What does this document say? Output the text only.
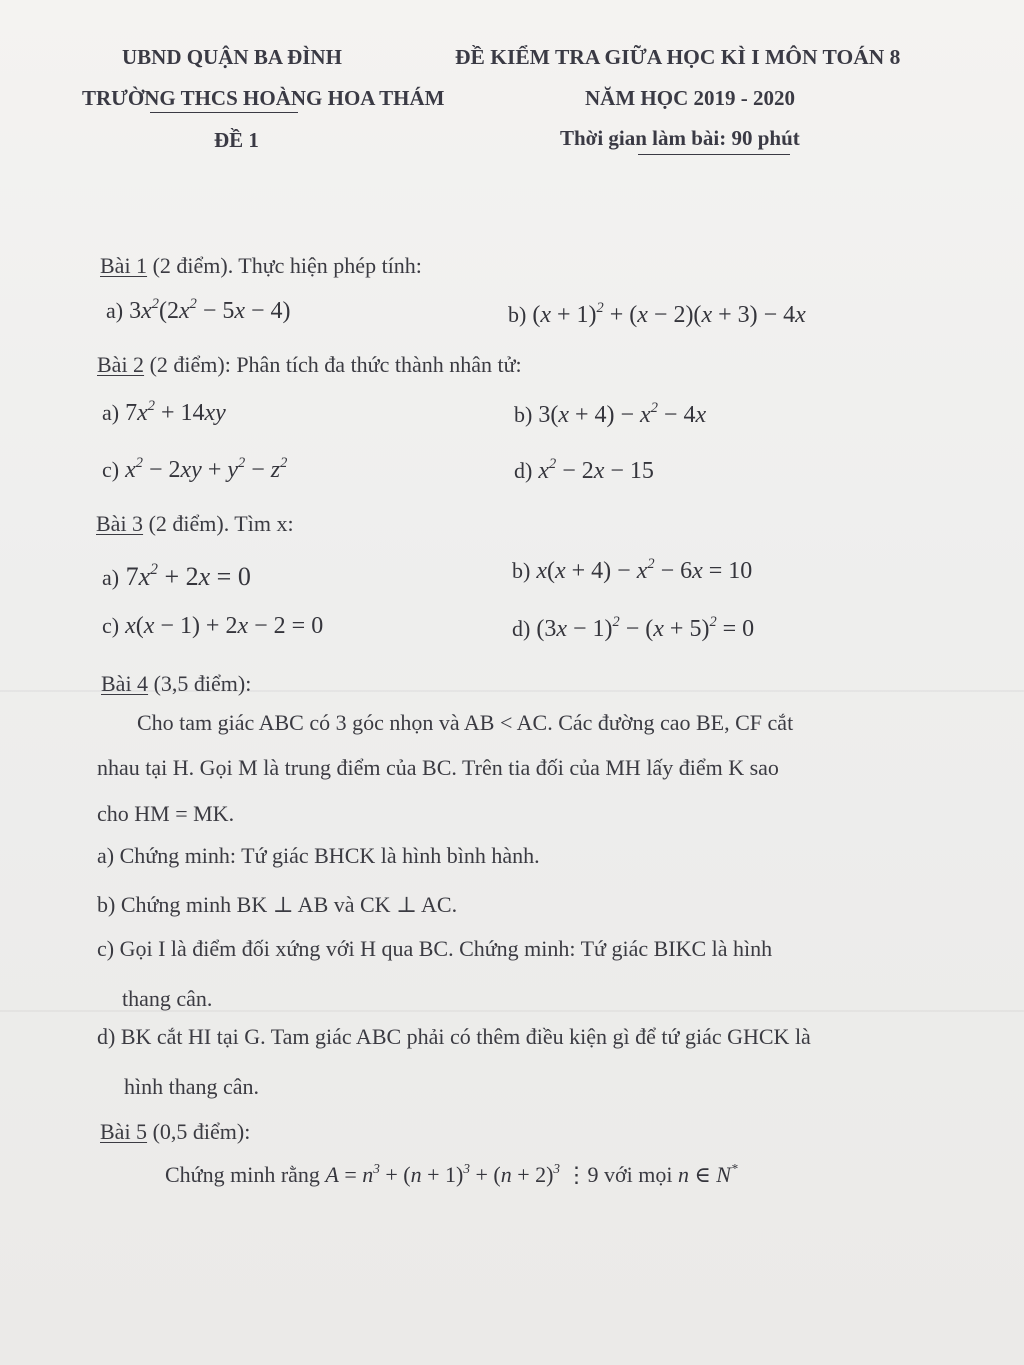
UBND QUẬN BA ĐÌNH
TRƯỜNG THCS HOÀNG HOA THÁM
ĐỀ 1
ĐỀ KIỂM TRA GIỮA HỌC KÌ I MÔN TOÁN 8
NĂM HỌC 2019 - 2020
Thời gian làm bài: 90 phút
Bài 1 (2 điểm). Thực hiện phép tính:
a) $3x^2(2x^2 - 5x - 4)$	b) $(x + 1)^2 + (x - 2)(x + 3) - 4x$
Bài 2 (2 điểm): Phân tích đa thức thành nhân tử:
a) $7x^2 + 14xy$	b) $3(x + 4) - x^2 - 4x$
c) $x^2 - 2xy + y^2 - z^2$	d) $x^2 - 2x - 15$
Bài 3 (2 điểm). Tìm x:
a) $7x^2 + 2x = 0$	b) $x(x + 4) - x^2 - 6x = 10$
c) x(x − 1) + 2x − 2 = 0	d) $(3x - 1)^2 - (x + 5)^2 = 0$
Bài 4 (3,5 điểm):
Cho tam giác ABC có 3 góc nhọn và AB < AC. Các đường cao BE, CF cắt
nhau tại H. Gọi M là trung điểm của BC. Trên tia đối của MH lấy điểm K sao
cho HM = MK.
a) Chứng minh: Tứ giác BHCK là hình bình hành.
b) Chứng minh BK ⊥ AB và CK ⊥ AC.
c) Gọi I là điểm đối xứng với H qua BC. Chứng minh: Tứ giác BIKC là hình
thang cân.
d) BK cắt HI tại G. Tam giác ABC phải có thêm điều kiện gì để tứ giác GHCK là
hình thang cân.
Bài 5 (0,5 điểm):
Chứng minh rằng $A = n^3 + (n + 1)^3 + (n + 2)^3$ ⋮9 với mọi n ∈ N*
